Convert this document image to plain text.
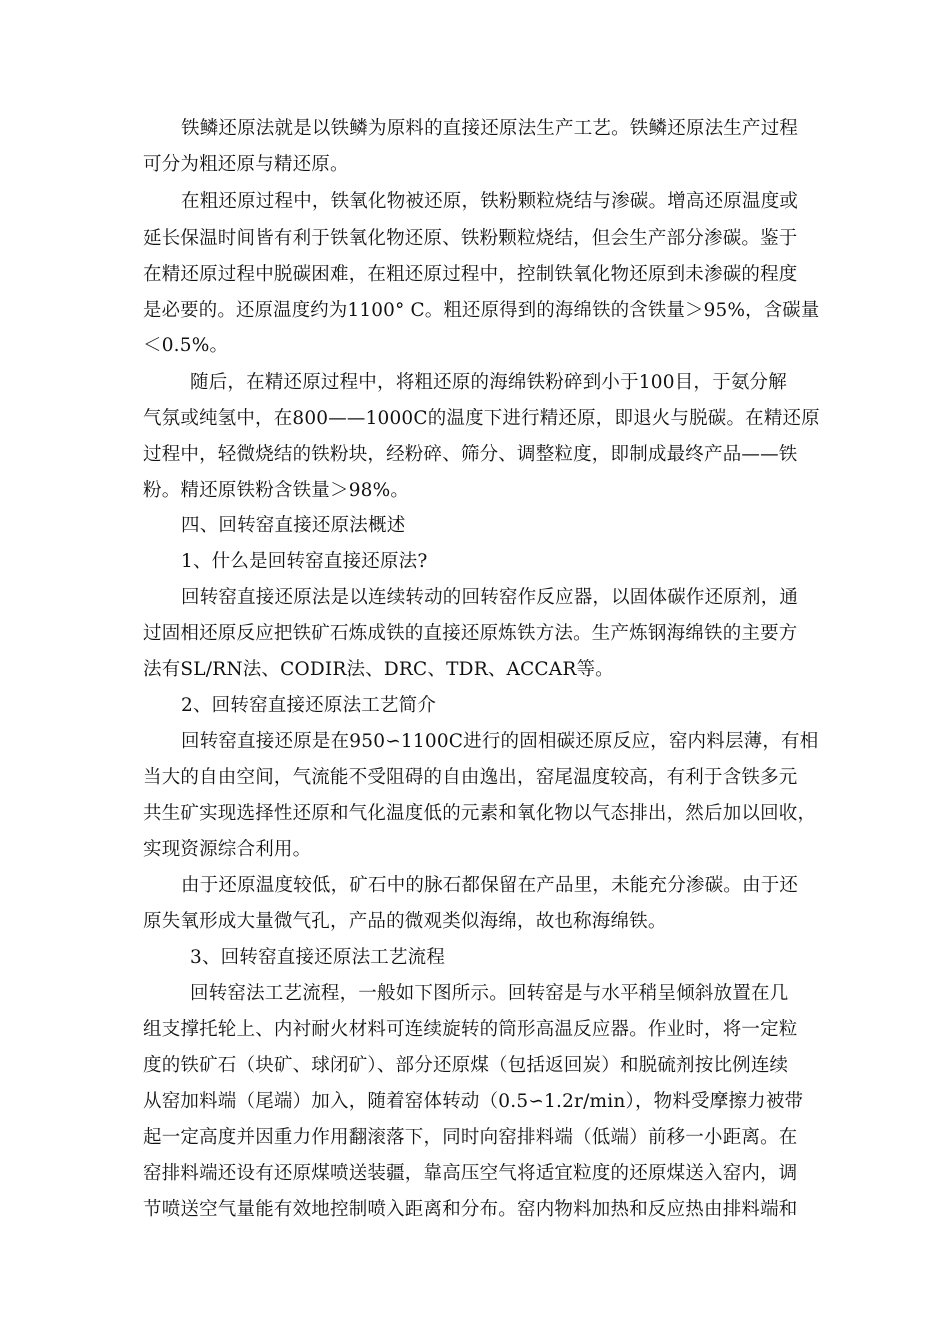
铁鳞还原法就是以铁鳞为原料的直接还原法生产工艺。铁鳞还原法生产过程
可分为粗还原与精还原。
在粗还原过程中，铁氧化物被还原，铁粉颗粒烧结与渗碳。增高还原温度或
延长保温时间皆有利于铁氧化物还原、铁粉颗粒烧结，但会生产部分渗碳。鉴于
在精还原过程中脱碳困难，在粗还原过程中，控制铁氧化物还原到未渗碳的程度
是必要的。还原温度约为1100° C。粗还原得到的海绵铁的含铁量＞95%，含碳量
＜0.5%。
随后，在精还原过程中，将粗还原的海绵铁粉碎到小于100目，于氨分解
气氛或纯氢中，在800——1000C的温度下进行精还原，即退火与脱碳。在精还原
过程中，轻微烧结的铁粉块，经粉碎、筛分、调整粒度，即制成最终产品——铁
粉。精还原铁粉含铁量＞98%。
四、回转窑直接还原法概述
1、什么是回转窑直接还原法?
回转窑直接还原法是以连续转动的回转窑作反应器，以固体碳作还原剂，通
过固相还原反应把铁矿石炼成铁的直接还原炼铁方法。生产炼钢海绵铁的主要方
法有SL/RN法、CODIR法、DRC、TDR、ACCAR等。
2、回转窑直接还原法工艺简介
回转窑直接还原是在950∽1100C进行的固相碳还原反应，窑内料层薄，有相
当大的自由空间，气流能不受阻碍的自由逸出，窑尾温度较高，有利于含铁多元
共生矿实现选择性还原和气化温度低的元素和氧化物以气态排出，然后加以回收，
实现资源综合利用。
由于还原温度较低，矿石中的脉石都保留在产品里，未能充分渗碳。由于还
原失氧形成大量微气孔，产品的微观类似海绵，故也称海绵铁。
3、回转窑直接还原法工艺流程
回转窑法工艺流程，一般如下图所示。回转窑是与水平稍呈倾斜放置在几
组支撑托轮上、内衬耐火材料可连续旋转的筒形高温反应器。作业时，将一定粒
度的铁矿石（块矿、球闭矿）、部分还原煤（包括返回炭）和脱硫剂按比例连续
从窑加料端（尾端）加入，随着窑体转动（0.5∽1.2r/min），物料受摩擦力被带
起一定高度并因重力作用翻滚落下，同时向窑排料端（低端）前移一小距离。在
窑排料端还设有还原煤喷送装疆，靠高压空气将适宜粒度的还原煤送入窑内，调
节喷送空气量能有效地控制喷入距离和分布。窑内物料加热和反应热由排料端和
